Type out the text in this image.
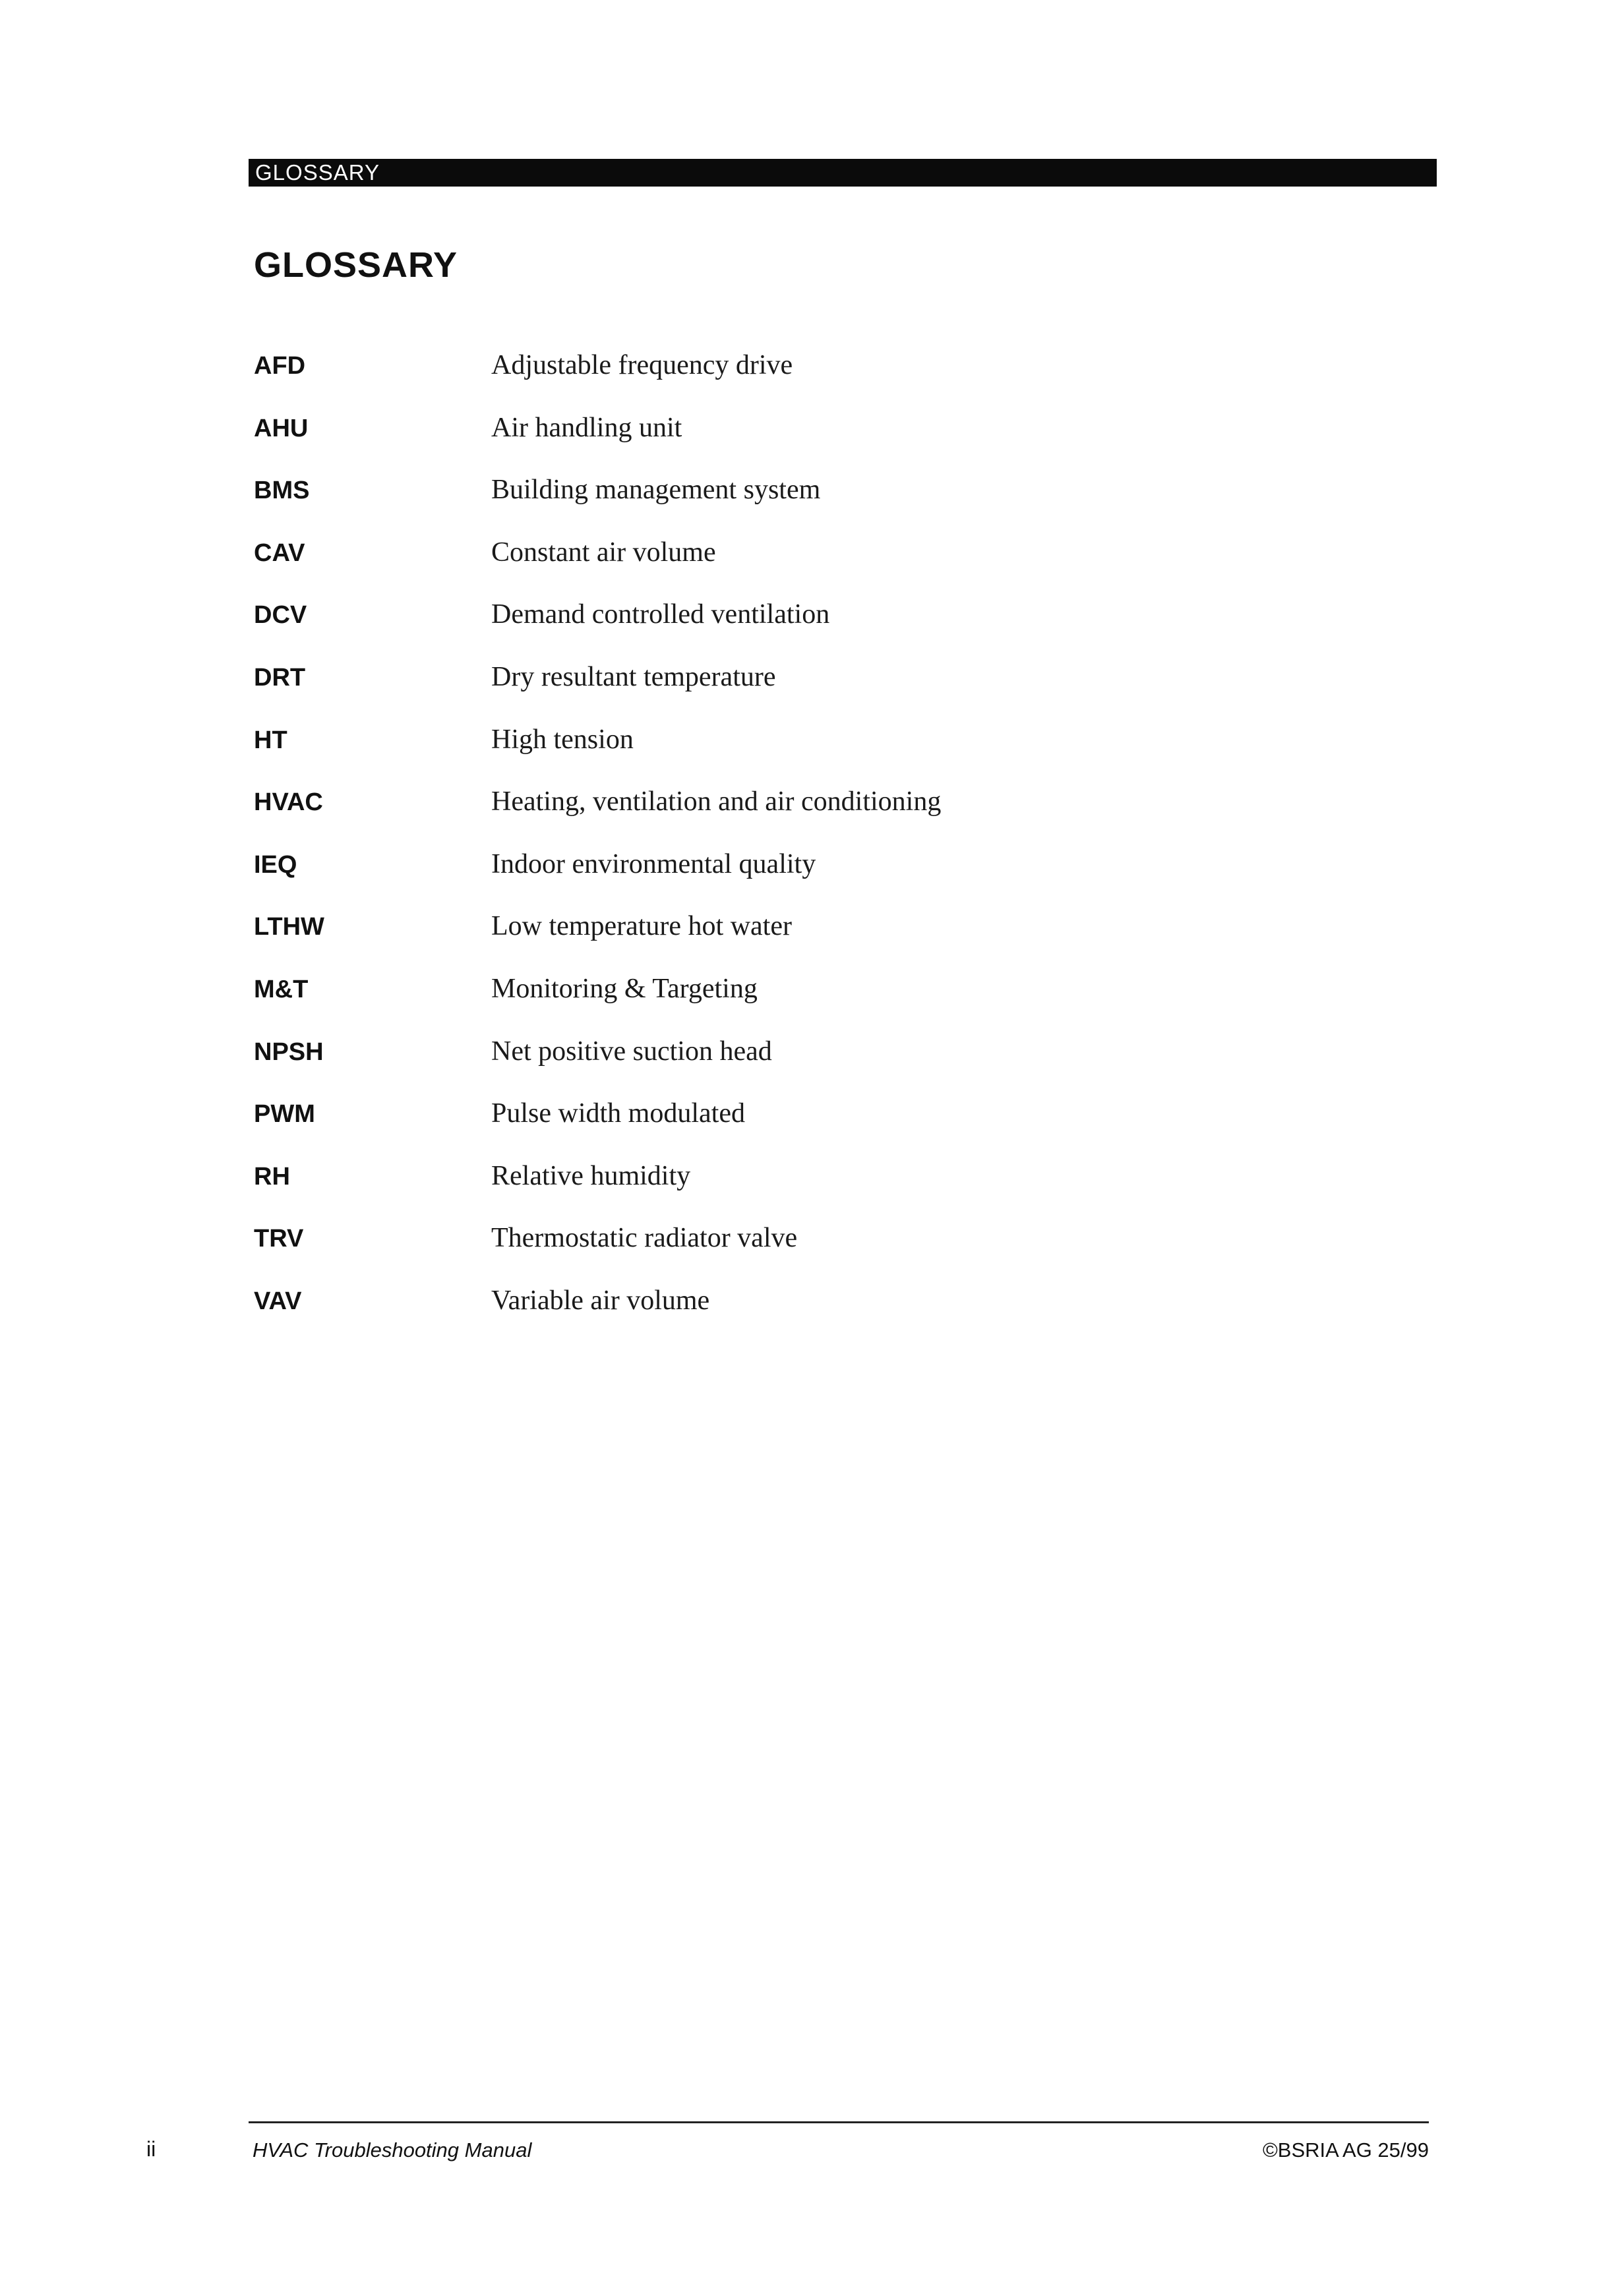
GLOSSARY
GLOSSARY
AFD	Adjustable frequency drive
AHU	Air handling unit
BMS	Building management system
CAV	Constant air volume
DCV	Demand controlled ventilation
DRT	Dry resultant temperature
HT	High tension
HVAC	Heating, ventilation and air conditioning
IEQ	Indoor environmental quality
LTHW	Low temperature hot water
M&T	Monitoring & Targeting
NPSH	Net positive suction head
PWM	Pulse width modulated
RH	Relative humidity
TRV	Thermostatic radiator valve
VAV	Variable air volume
ii	HVAC Troubleshooting Manual	©BSRIA AG 25/99
